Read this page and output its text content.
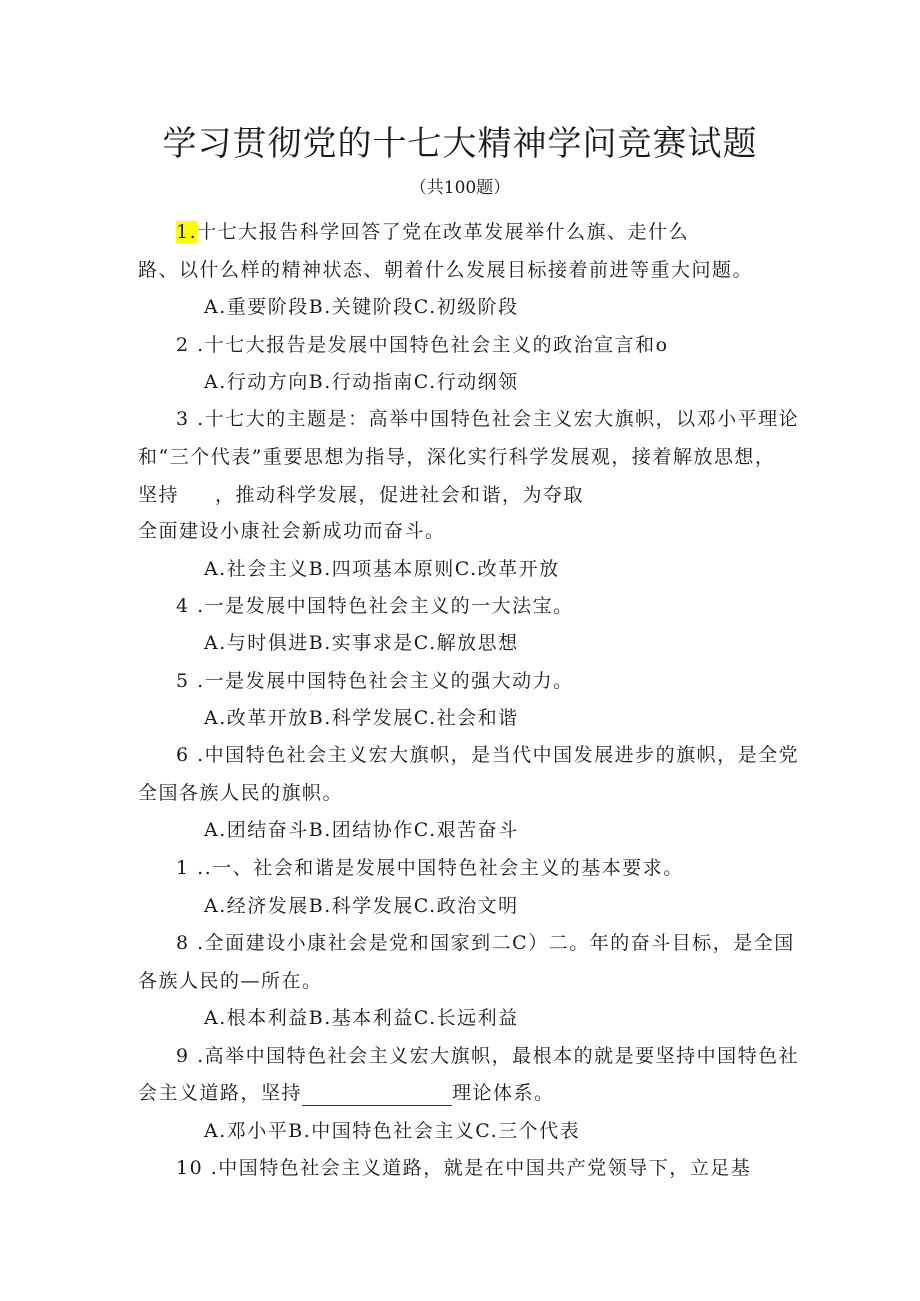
学习贯彻党的十七大精神学问竞赛试题
（共100题）
1.十七大报告科学回答了党在改革发展举什么旗、走什么
路、以什么样的精神状态、朝着什么发展目标接着前进等重大问题。
A.重要阶段B.关键阶段C.初级阶段
2 .十七大报告是发展中国特色社会主义的政治宣言和o
A.行动方向B.行动指南C.行动纲领
3 .十七大的主题是：高举中国特色社会主义宏大旗帜，以邓小平理论
和“三个代表”重要思想为指导，深化实行科学发展观，接着解放思想，
坚持 ，推动科学发展，促进社会和谐，为夺取
全面建设小康社会新成功而奋斗。
A.社会主义B.四项基本原则C.改革开放
4 .一是发展中国特色社会主义的一大法宝。
A.与时俱进B.实事求是C.解放思想
5 .一是发展中国特色社会主义的强大动力。
A.改革开放B.科学发展C.社会和谐
6 .中国特色社会主义宏大旗帜，是当代中国发展进步的旗帜，是全党
全国各族人民的旗帜。
A.团结奋斗B.团结协作C.艰苦奋斗
1 ..一、社会和谐是发展中国特色社会主义的基本要求。
A.经济发展B.科学发展C.政治文明
8 .全面建设小康社会是党和国家到二C）二。年的奋斗目标，是全国
各族人民的—所在。
A.根本利益B.基本利益C.长远利益
9 .高举中国特色社会主义宏大旗帜，最根本的就是要坚持中国特色社
会主义道路，坚持	理论体系。
A.邓小平B.中国特色社会主义C.三个代表
10 .中国特色社会主义道路，就是在中国共产党领导下，立足基
